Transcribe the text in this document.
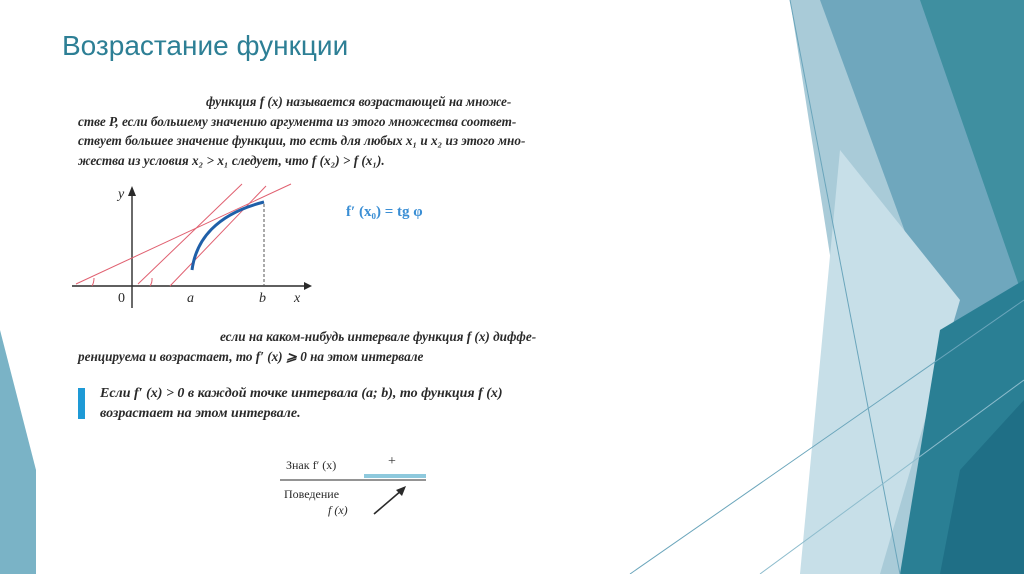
Возрастание функции

функция f (x) называется возрастающей на множе-
стве P, если большему значению аргумента из этого множества соответ-
ствует большее значение функции, то есть для любых x₁ и x₂ из этого мно-
жества из условия x₂ > x₁ следует, что f (x₂) > f (x₁).

y
x
0	a	b
f′ (x₀) = tg φ

если на каком-нибудь интервале функция f (x) диффе-
ренцируема и возрастает, то f′ (x) ⩾ 0 на этом интервале

Если f′ (x) > 0 в каждой точке интервала (a; b), то функция f (x)
возрастает на этом интервале.

Знак f′ (x)	+
Поведение
f (x)
